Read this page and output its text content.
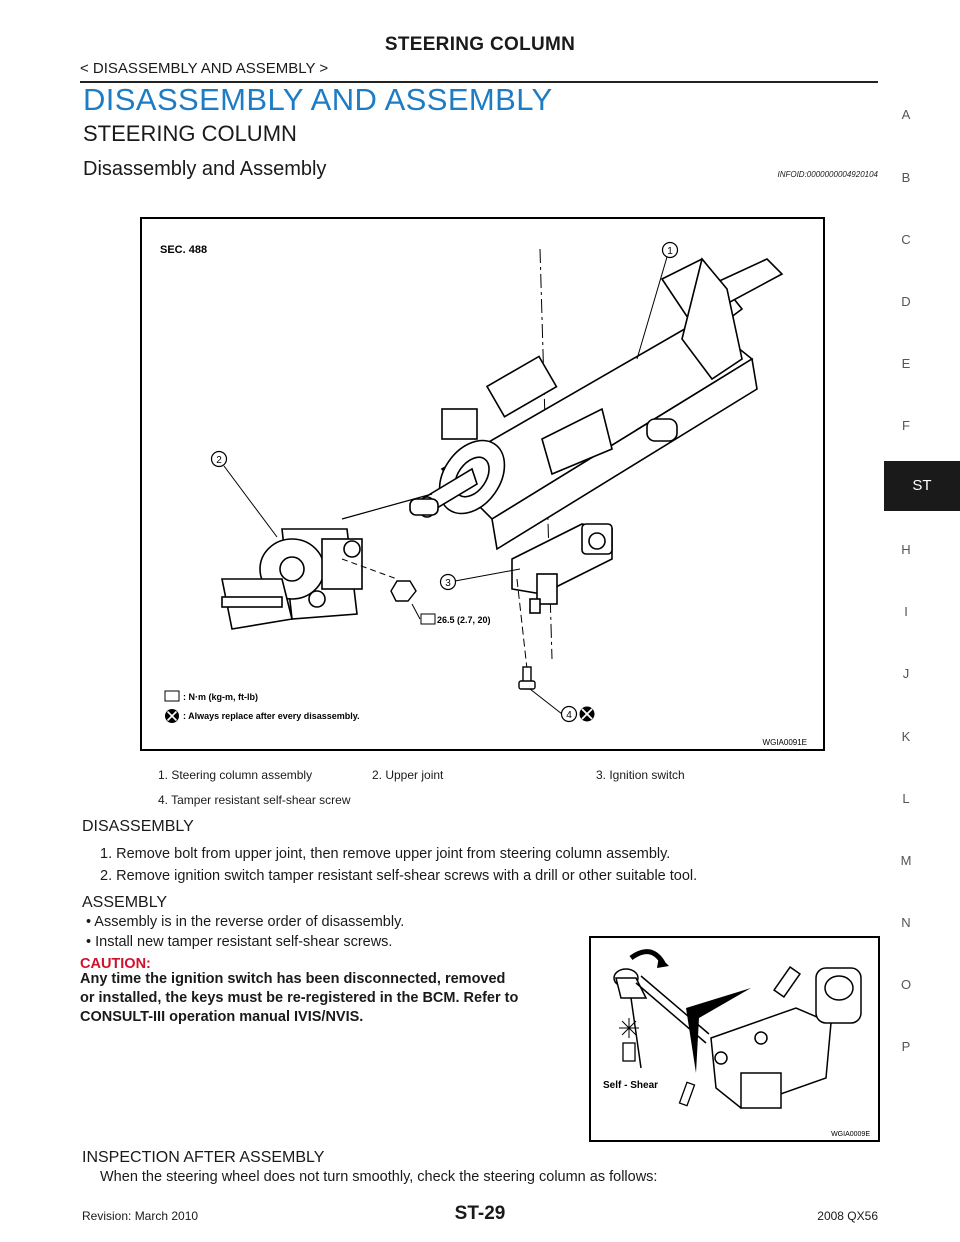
STEERING COLUMN
< DISASSEMBLY AND ASSEMBLY >
DISASSEMBLY AND ASSEMBLY
STEERING COLUMN
Disassembly and Assembly	INFOID:0000000004920104
A
B
C
D
E
F
ST
H
I
J
K
L
M
N
O
P
SEC. 488	1
2
3
4
26.5 (2.7, 20)
: N·m (kg-m, ft-lb)
: Always replace after every disassembly.
WGIA0091E
1. Steering column assembly	2. Upper joint	3. Ignition switch
4. Tamper resistant self-shear screw
DISASSEMBLY
1. Remove bolt from upper joint, then remove upper joint from steering column assembly.
2. Remove ignition switch tamper resistant self-shear screws with a drill or other suitable tool.
ASSEMBLY
• Assembly is in the reverse order of disassembly.
• Install new tamper resistant self-shear screws.
CAUTION:
Any time the ignition switch has been disconnected, removed
or installed, the keys must be re-registered in the BCM. Refer to
CONSULT-III operation manual IVIS/NVIS.
Self - Shear
WGIA0009E
INSPECTION AFTER ASSEMBLY
When the steering wheel does not turn smoothly, check the steering column as follows:
Revision: March 2010	ST-29	2008 QX56
